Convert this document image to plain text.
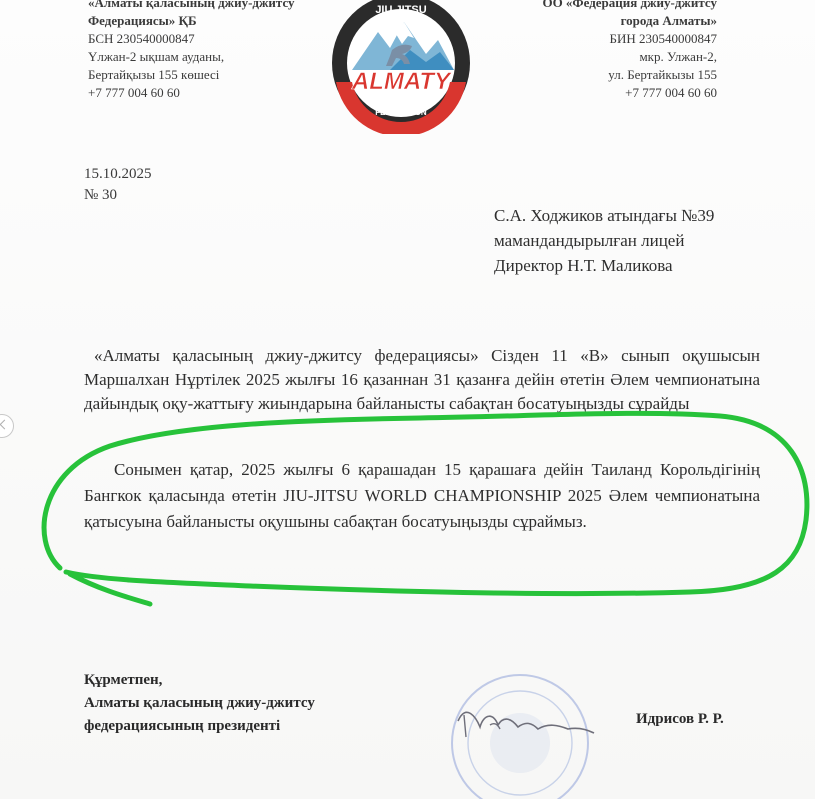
«Алматы қаласының джиу-джитсу
Федерациясы» ҚБ
БСН 230540000847
Үлжан-2 ықшам ауданы,
Бертайқызы 155 көшесі
+7 777 004 60 60
JIU JITSU
ALMATY
FEDERATION
ОО «Федерация джиу-джитсу
города Алматы»
БИН 230540000847
мкр. Улжан-2,
ул. Бертайкызы 155
+7 777 004 60 60
15.10.2025
№ 30
С.А. Ходжиков атындағы №39
мамандандырылған лицей
Директор Н.Т. Маликова
«Алматы қаласының джиу-джитсу федерациясы» Сізден 11 «В» сынып оқушысын Маршалхан Нұртілек 2025 жылғы 16 қазаннан 31 қазанға дейін өтетін Әлем чемпионатына дайындық оқу-жаттығу жиындарына байланысты сабақтан босатуыңызды сұрайды
Сонымен қатар, 2025 жылғы 6 қарашадан 15 қарашаға дейін Таиланд Корольдігінің Бангкок қаласында өтетін JIU-JITSU WORLD CHAMPIONSHIP 2025 Әлем чемпионатына қатысуына байланысты оқушыны сабақтан босатуыңызды сұраймыз.
Құрметпен,
Алматы қаласының джиу-джитсу
федерациясының президенті	Идрисов Р. Р.
